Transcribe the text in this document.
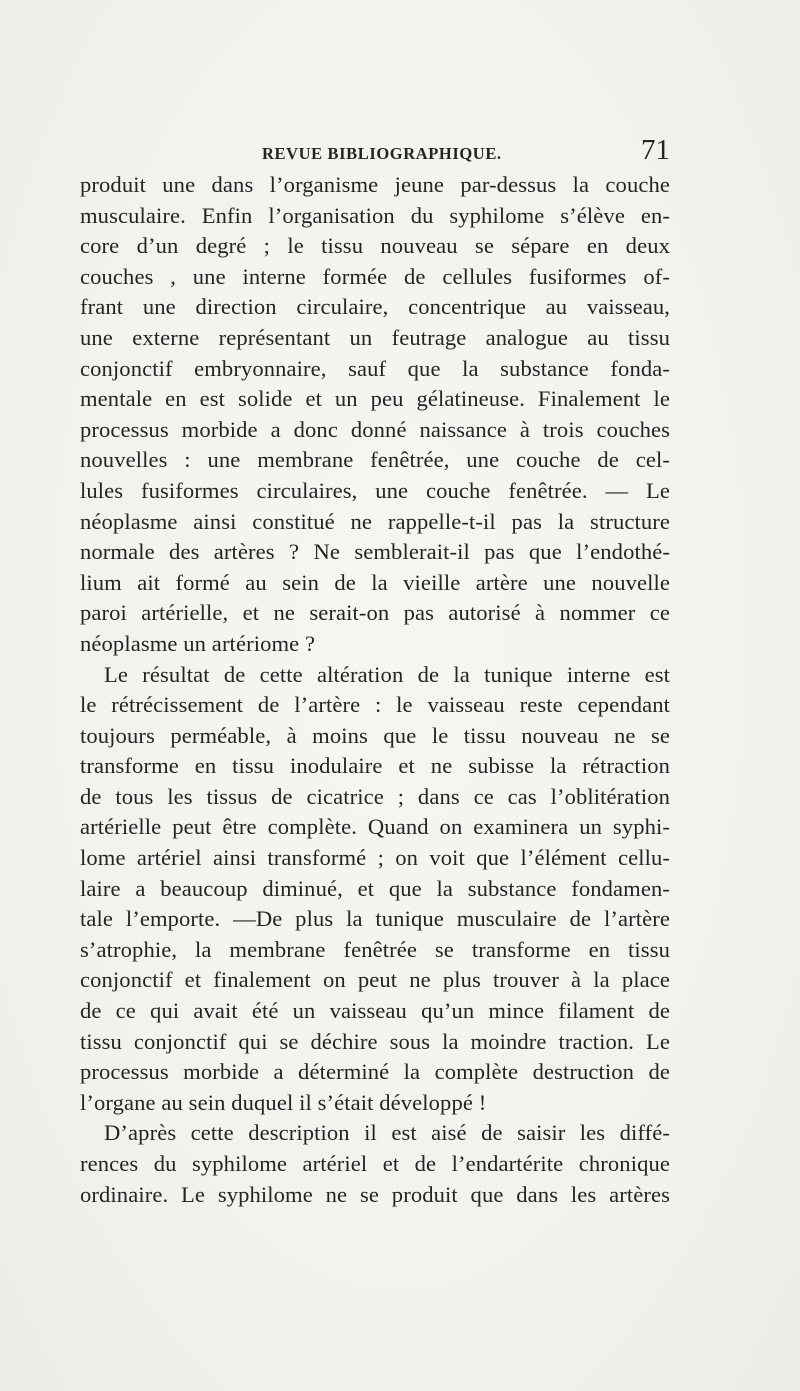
REVUE BIBLIOGRAPHIQUE.	71
produit une dans l’organisme jeune par-dessus la couche
musculaire. Enfin l’organisation du syphilome s’élève en-
core d’un degré ; le tissu nouveau se sépare en deux
couches , une interne formée de cellules fusiformes of-
frant une direction circulaire, concentrique au vaisseau,
une externe représentant un feutrage analogue au tissu
conjonctif embryonnaire, sauf que la substance fonda-
mentale en est solide et un peu gélatineuse. Finalement le
processus morbide a donc donné naissance à trois couches
nouvelles : une membrane fenêtrée, une couche de cel-
lules fusiformes circulaires, une couche fenêtrée. — Le
néoplasme ainsi constitué ne rappelle-t-il pas la structure
normale des artères ? Ne semblerait-il pas que l’endothé-
lium ait formé au sein de la vieille artère une nouvelle
paroi artérielle, et ne serait-on pas autorisé à nommer ce
néoplasme un artériome ?
Le résultat de cette altération de la tunique interne est
le rétrécissement de l’artère : le vaisseau reste cependant
toujours perméable, à moins que le tissu nouveau ne se
transforme en tissu inodulaire et ne subisse la rétraction
de tous les tissus de cicatrice ; dans ce cas l’oblitération
artérielle peut être complète. Quand on examinera un syphi-
lome artériel ainsi transformé ; on voit que l’élément cellu-
laire a beaucoup diminué, et que la substance fondamen-
tale l’emporte. —De plus la tunique musculaire de l’artère
s’atrophie, la membrane fenêtrée se transforme en tissu
conjonctif et finalement on peut ne plus trouver à la place
de ce qui avait été un vaisseau qu’un mince filament de
tissu conjonctif qui se déchire sous la moindre traction. Le
processus morbide a déterminé la complète destruction de
l’organe au sein duquel il s’était développé !
D’après cette description il est aisé de saisir les diffé-
rences du syphilome artériel et de l’endartérite chronique
ordinaire. Le syphilome ne se produit que dans les artères
